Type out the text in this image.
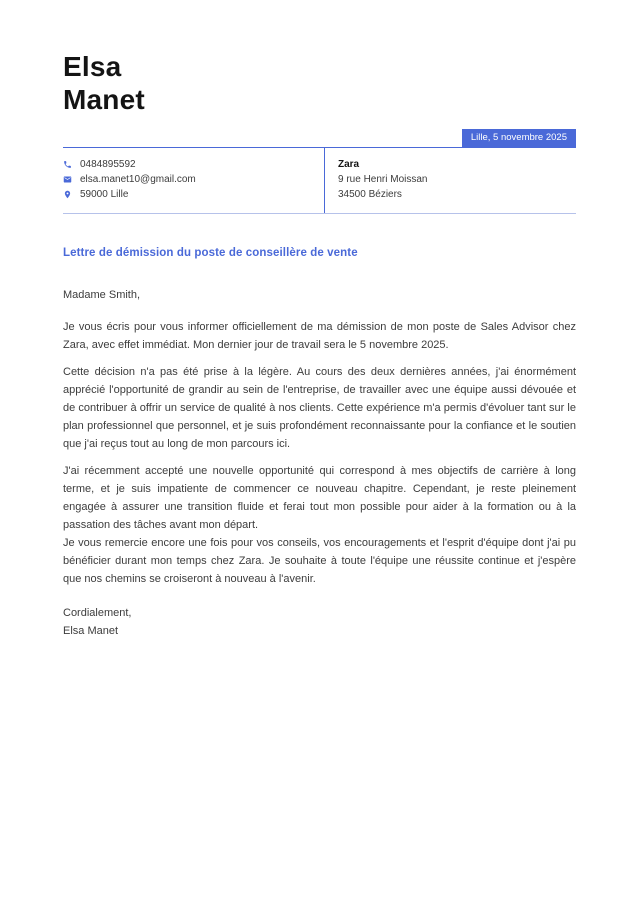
Elsa
Manet
Lille, 5 novembre 2025
0484895592
elsa.manet10@gmail.com
59000 Lille
Zara
9 rue Henri Moissan
34500 Béziers
Lettre de démission du poste de conseillère de vente
Madame Smith,

Je vous écris pour vous informer officiellement de ma démission de mon poste de Sales Advisor chez Zara, avec effet immédiat. Mon dernier jour de travail sera le 5 novembre 2025.

Cette décision n'a pas été prise à la légère. Au cours des deux dernières années, j'ai énormément apprécié l'opportunité de grandir au sein de l'entreprise, de travailler avec une équipe aussi dévouée et de contribuer à offrir un service de qualité à nos clients. Cette expérience m'a permis d'évoluer tant sur le plan professionnel que personnel, et je suis profondément reconnaissante pour la confiance et le soutien que j'ai reçus tout au long de mon parcours ici.

J'ai récemment accepté une nouvelle opportunité qui correspond à mes objectifs de carrière à long terme, et je suis impatiente de commencer ce nouveau chapitre. Cependant, je reste pleinement engagée à assurer une transition fluide et ferai tout mon possible pour aider à la formation ou à la passation des tâches avant mon départ.

Je vous remercie encore une fois pour vos conseils, vos encouragements et l'esprit d'équipe dont j'ai pu bénéficier durant mon temps chez Zara. Je souhaite à toute l'équipe une réussite continue et j'espère que nos chemins se croiseront à nouveau à l'avenir.

Cordialement,
Elsa Manet
